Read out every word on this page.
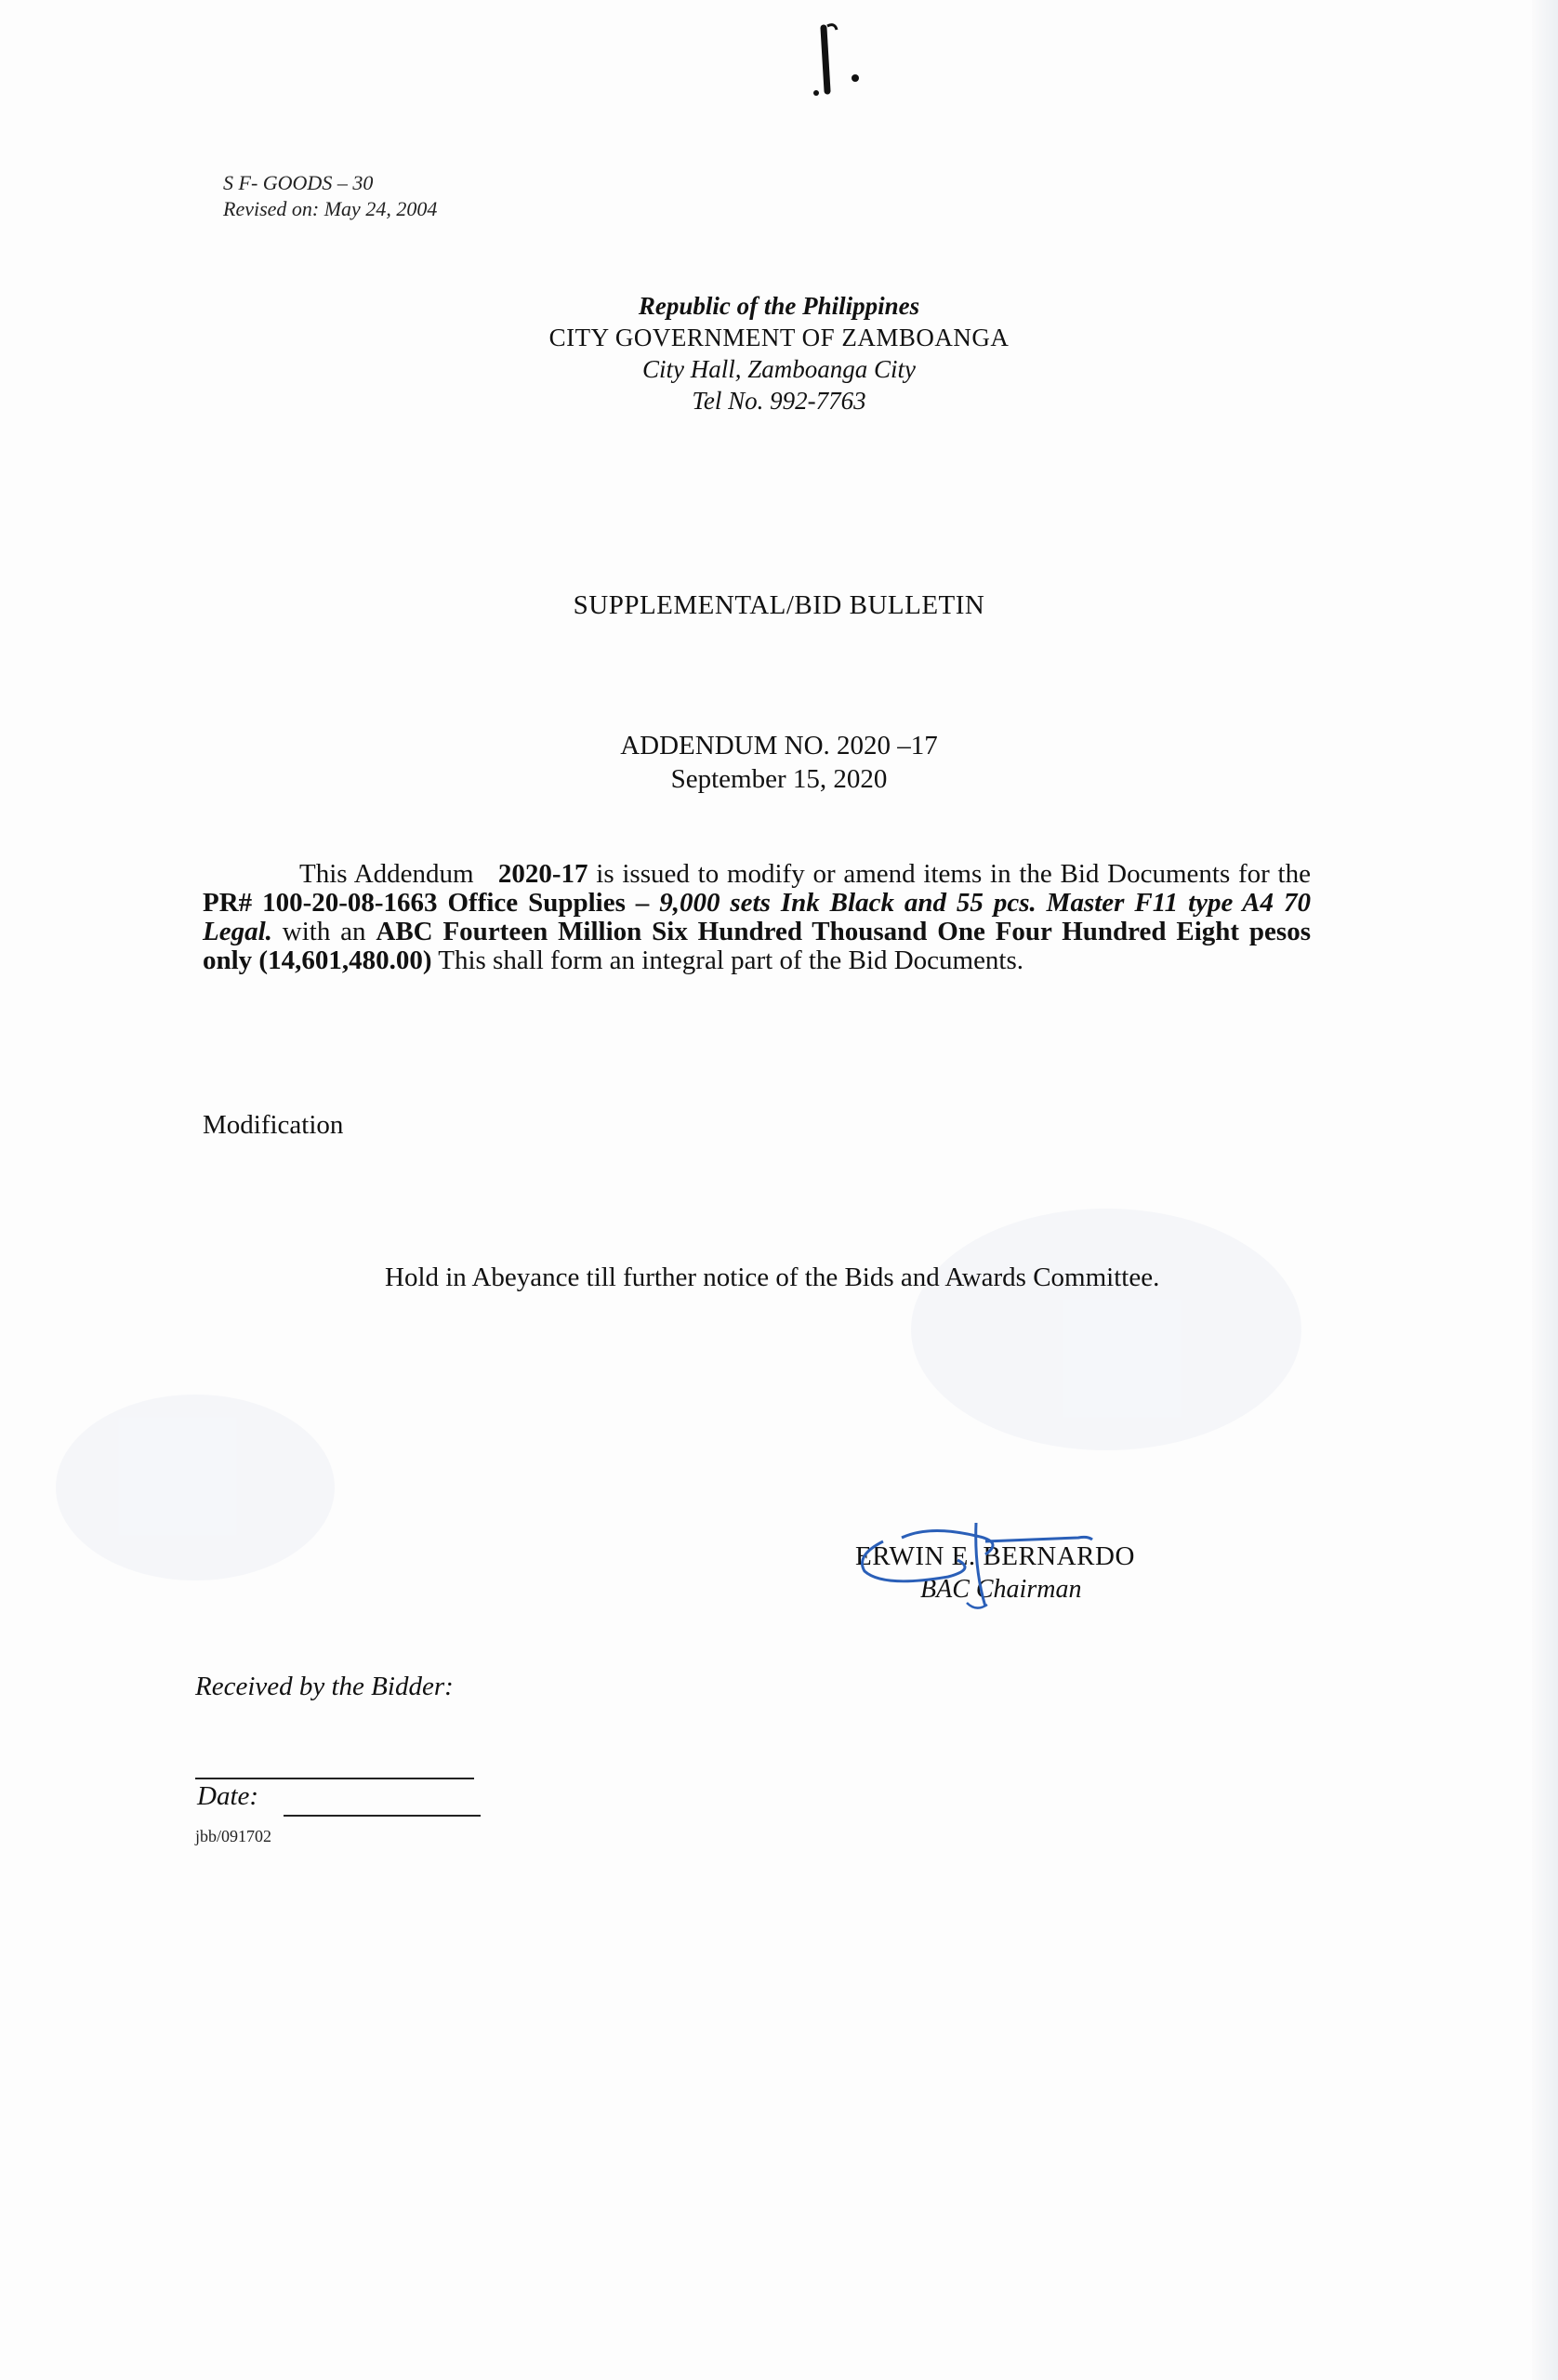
S F- GOODS – 30
Revised on: May 24, 2004
Republic of the Philippines
CITY GOVERNMENT OF ZAMBOANGA
City Hall, Zamboanga City
Tel No. 992-7763
SUPPLEMENTAL/BID BULLETIN
ADDENDUM NO. 2020 –17
September 15, 2020
This Addendum 2020-17 is issued to modify or amend items in the Bid Documents for the PR# 100-20-08-1663 Office Supplies – 9,000 sets Ink Black and 55 pcs. Master F11 type A4 70 Legal. with an ABC Fourteen Million Six Hundred Thousand One Four Hundred Eight pesos only (14,601,480.00) This shall form an integral part of the Bid Documents.
Modification
Hold in Abeyance till further notice of the Bids and Awards Committee.
ERWIN E. BERNARDO
BAC Chairman
Received by the Bidder:
Date:
jbb/091702
